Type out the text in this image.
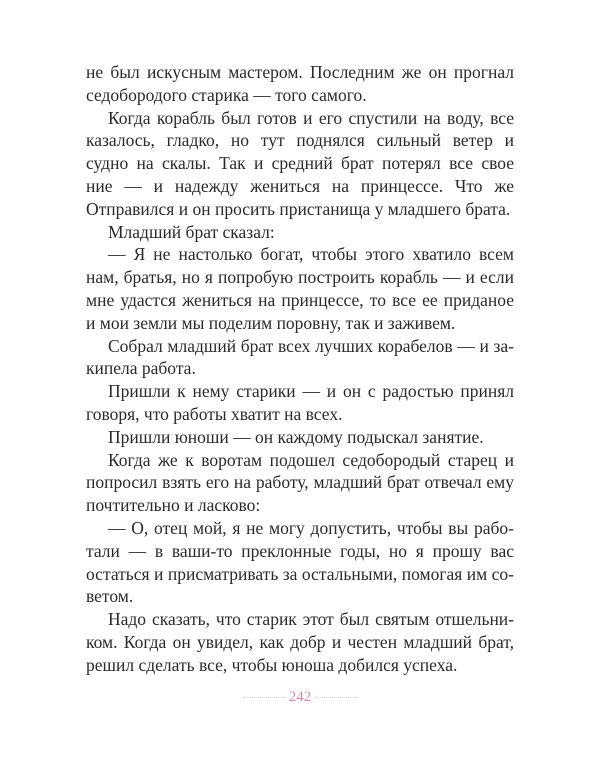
не был искусным мастером. Последним же он прогнал
седобородого старика — того самого.
Когда корабль был готов и его спустили на воду, все
казалось, гладко, но тут поднялся сильный ветер и
судно на скалы. Так и средний брат потерял все свое
ние — и надежду жениться на принцессе. Что же
Отправился и он просить пристанища у младшего брата.
Младший брат сказал:
— Я не настолько богат, чтобы этого хватило всем
нам, братья, но я попробую построить корабль — и если
мне удастся жениться на принцессе, то все ее приданое
и мои земли мы поделим поровну, так и заживем.
Собрал младший брат всех лучших корабелов — и за-
кипела работа.
Пришли к нему старики — и он с радостью принял
говоря, что работы хватит на всех.
Пришли юноши — он каждому подыскал занятие.
Когда же к воротам подошел седобородый старец и
попросил взять его на работу, младший брат отвечал ему
почтительно и ласково:
— О, отец мой, я не могу допустить, чтобы вы рабо-
тали — в ваши-то преклонные годы, но я прошу вас
остаться и присматривать за остальными, помогая им со-
ветом.
Надо сказать, что старик этот был святым отшельни-
ком. Когда он увидел, как добр и честен младший брат,
решил сделать все, чтобы юноша добился успеха.
242
